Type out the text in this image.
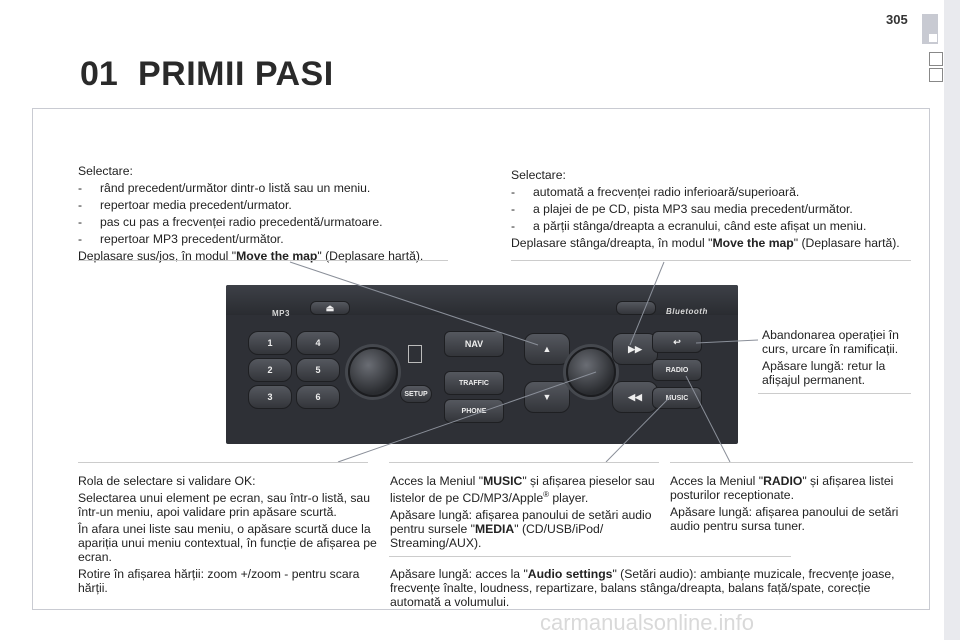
305
01 PRIMII PASI

Selectare:

-	rând precedent/următor dintr-o listă sau un meniu.
-	repertoar media precedent/urmator.
-	pas cu pas a frecvenței radio precedentă/urmatoare.
-	repertoar MP3 precedent/următor.

Deplasare sus/jos, în modul "Move the map" (Deplasare hartă).

Selectare:

-	automată a frecvenței radio inferioară/superioară.
-	a plajei de pe CD, pista MP3 sau media precedent/următor.
-	a părții stânga/dreapta a ecranului, când este afișat un meniu.

Deplasare stânga/dreapta, în modul "Move the map" (Deplasare hartă).

Abandonarea operației în curs, urcare în ramificații.

Apăsare lungă: retur la afișajul permanent.

MP3
⏏	Bluetooth
1
2
3
4
5
6	SETUP
NAV
TRAFFIC
PHONE
▲
▼
▶▶
◀◀
↩
RADIO
MUSIC

Rola de selectare si validare OK:

Selectarea unui element pe ecran, sau într-o listă, sau într-un meniu, apoi validare prin apăsare scurtă.

În afara unei liste sau meniu, o apăsare scurtă duce la apariția unui meniu contextual, în funcție de afișarea pe ecran.

Rotire în afișarea hărții: zoom +/zoom - pentru scara hărții.

Acces la Meniul "MUSIC" și afișarea pieselor sau listelor de pe CD/MP3/Apple® player.

Apăsare lungă: afișarea panoului de setări audio pentru sursele "MEDIA" (CD/USB/iPod/ Streaming/AUX).

Acces la Meniul "RADIO" și afișarea listei posturilor receptionate.

Apăsare lungă: afișarea panoului de setări audio pentru sursa tuner.

Apăsare lungă: acces la "Audio settings" (Setări audio): ambianțe muzicale, frecvențe joase, frecvențe înalte, loudness, repartizare, balans stânga/dreapta, balans față/spate, corecție automată a volumului.

carmanualsonline.info
